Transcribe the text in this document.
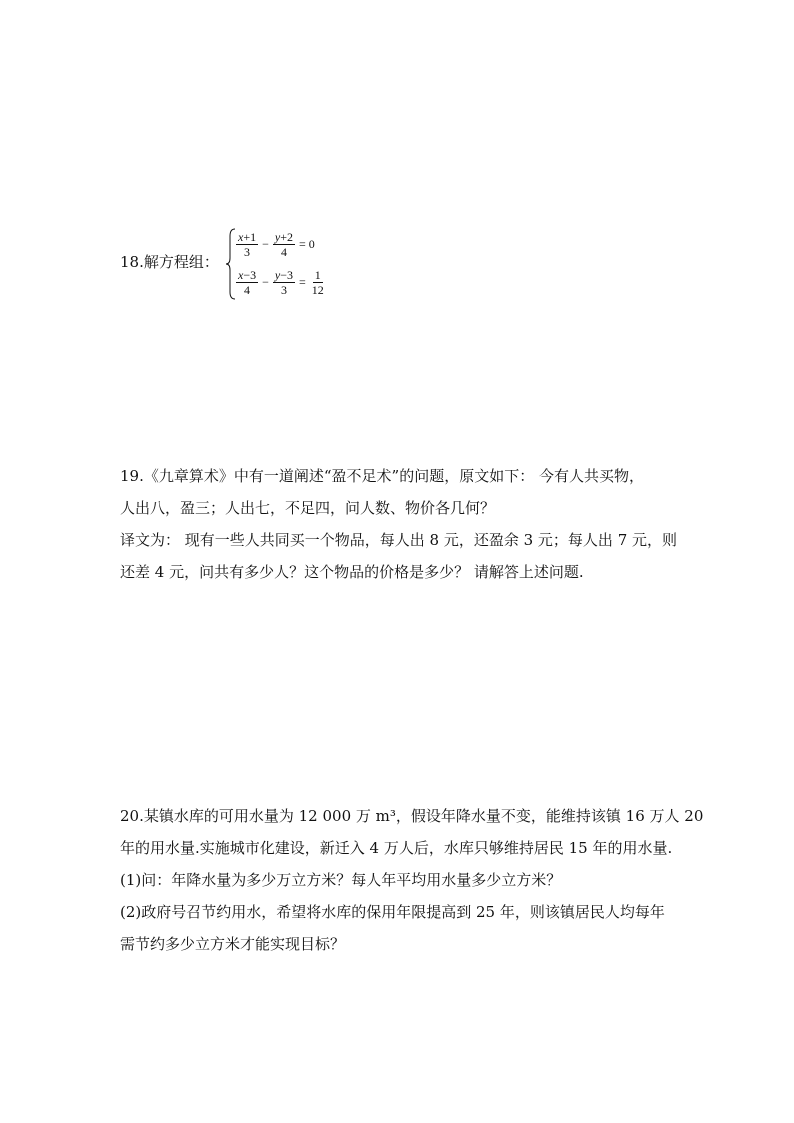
18.解方程组：
$\frac{x+1}{3} - \frac{y+2}{4} = 0$
$\frac{x-3}{4} - \frac{y-3}{3} = \frac{1}{12}$
19.《九章算术》中有一道阐述“盈不足术”的问题，原文如下： 今有人共买物，
人出八，盈三；人出七，不足四，问人数、物价各几何？
译文为： 现有一些人共同买一个物品，每人出 8 元，还盈余 3 元；每人出 7 元，则
还差 4 元，问共有多少人？这个物品的价格是多少？ 请解答上述问题.
20.某镇水库的可用水量为 12 000 万 m³，假设年降水量不变，能维持该镇 16 万人 20
年的用水量.实施城市化建设，新迁入 4 万人后，水库只够维持居民 15 年的用水量.
(1)问：年降水量为多少万立方米？每人年平均用水量多少立方米？
(2)政府号召节约用水，希望将水库的保用年限提高到 25 年，则该镇居民人均每年
需节约多少立方米才能实现目标？
